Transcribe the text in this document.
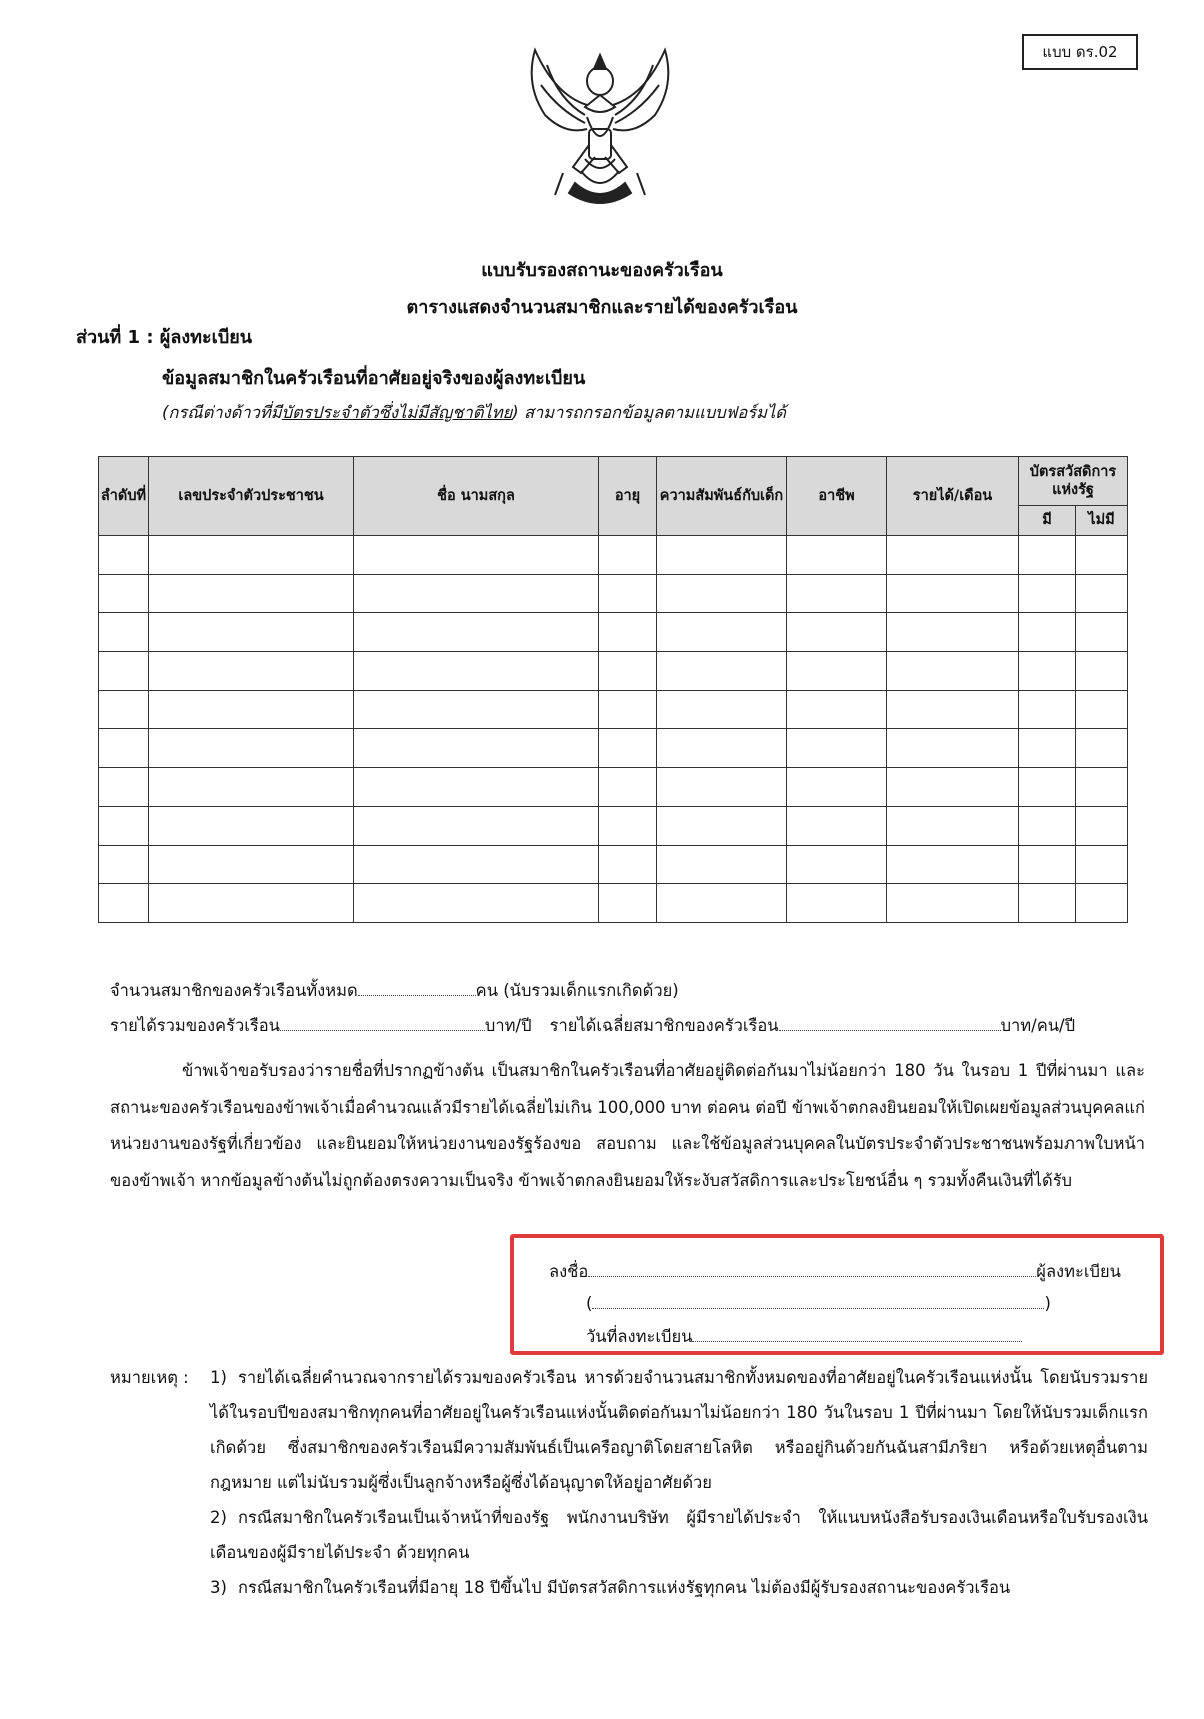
แบบ ดร.02
แบบรับรองสถานะของครัวเรือน
ตารางแสดงจำนวนสมาชิกและรายได้ของครัวเรือน
ส่วนที่ 1 : ผู้ลงทะเบียน
ข้อมูลสมาชิกในครัวเรือนที่อาศัยอยู่จริงของผู้ลงทะเบียน
(กรณีต่างด้าวที่มีบัตรประจำตัวซึ่งไม่มีสัญชาติไทย) สามารถกรอกข้อมูลตามแบบฟอร์มได้
ลำดับที่	เลขประจำตัวประชาชน	ชื่อ นามสกุล	อายุ	ความสัมพันธ์กับเด็ก	อาชีพ	รายได้/เดือน	บัตรสวัสดิการแห่งรัฐ	
							มี	ไม่มี

จำนวนสมาชิกของครัวเรือนทั้งหมด	คน (นับรวมเด็กแรกเกิดด้วย)
รายได้รวมของครัวเรือน	บาท/ปี รายได้เฉลี่ยสมาชิกของครัวเรือน	บาท/คน/ปี
ข้าพเจ้าขอรับรองว่ารายชื่อที่ปรากฏข้างต้น เป็นสมาชิกในครัวเรือนที่อาศัยอยู่ติดต่อกันมาไม่น้อยกว่า 180 วัน ในรอบ 1 ปีที่ผ่านมา และสถานะของครัวเรือนของข้าพเจ้าเมื่อคำนวณแล้วมีรายได้เฉลี่ยไม่เกิน 100,000 บาท ต่อคน ต่อปี ข้าพเจ้าตกลงยินยอมให้เปิดเผยข้อมูลส่วนบุคคลแก่หน่วยงานของรัฐที่เกี่ยวข้อง และยินยอมให้หน่วยงานของรัฐร้องขอ สอบถาม และใช้ข้อมูลส่วนบุคคลในบัตรประจำตัวประชาชนพร้อมภาพใบหน้าของข้าพเจ้า หากข้อมูลข้างต้นไม่ถูกต้องตรงความเป็นจริง ข้าพเจ้าตกลงยินยอมให้ระงับสวัสดิการและประโยชน์อื่น ๆ รวมทั้งคืนเงินที่ได้รับ
ลงชื่อ	ผู้ลงทะเบียน
(	)
วันที่ลงทะเบียน
หมายเหตุ : 1) รายได้เฉลี่ยคำนวณจากรายได้รวมของครัวเรือน หารด้วยจำนวนสมาชิกทั้งหมดของที่อาศัยอยู่ในครัวเรือนแห่งนั้น โดยนับรวมรายได้ในรอบปีของสมาชิกทุกคนที่อาศัยอยู่ในครัวเรือนแห่งนั้นติดต่อกันมาไม่น้อยกว่า 180 วันในรอบ 1 ปีที่ผ่านมา โดยให้นับรวมเด็กแรกเกิดด้วย ซึ่งสมาชิกของครัวเรือนมีความสัมพันธ์เป็นเครือญาติโดยสายโลหิต หรืออยู่กินด้วยกันฉันสามีภริยา หรือด้วยเหตุอื่นตามกฎหมาย แต่ไม่นับรวมผู้ซึ่งเป็นลูกจ้างหรือผู้ซึ่งได้อนุญาตให้อยู่อาศัยด้วย
2) กรณีสมาชิกในครัวเรือนเป็นเจ้าหน้าที่ของรัฐ พนักงานบริษัท ผู้มีรายได้ประจำ ให้แนบหนังสือรับรองเงินเดือนหรือใบรับรองเงินเดือนของผู้มีรายได้ประจำ ด้วยทุกคน
3) กรณีสมาชิกในครัวเรือนที่มีอายุ 18 ปีขึ้นไป มีบัตรสวัสดิการแห่งรัฐทุกคน ไม่ต้องมีผู้รับรองสถานะของครัวเรือน
